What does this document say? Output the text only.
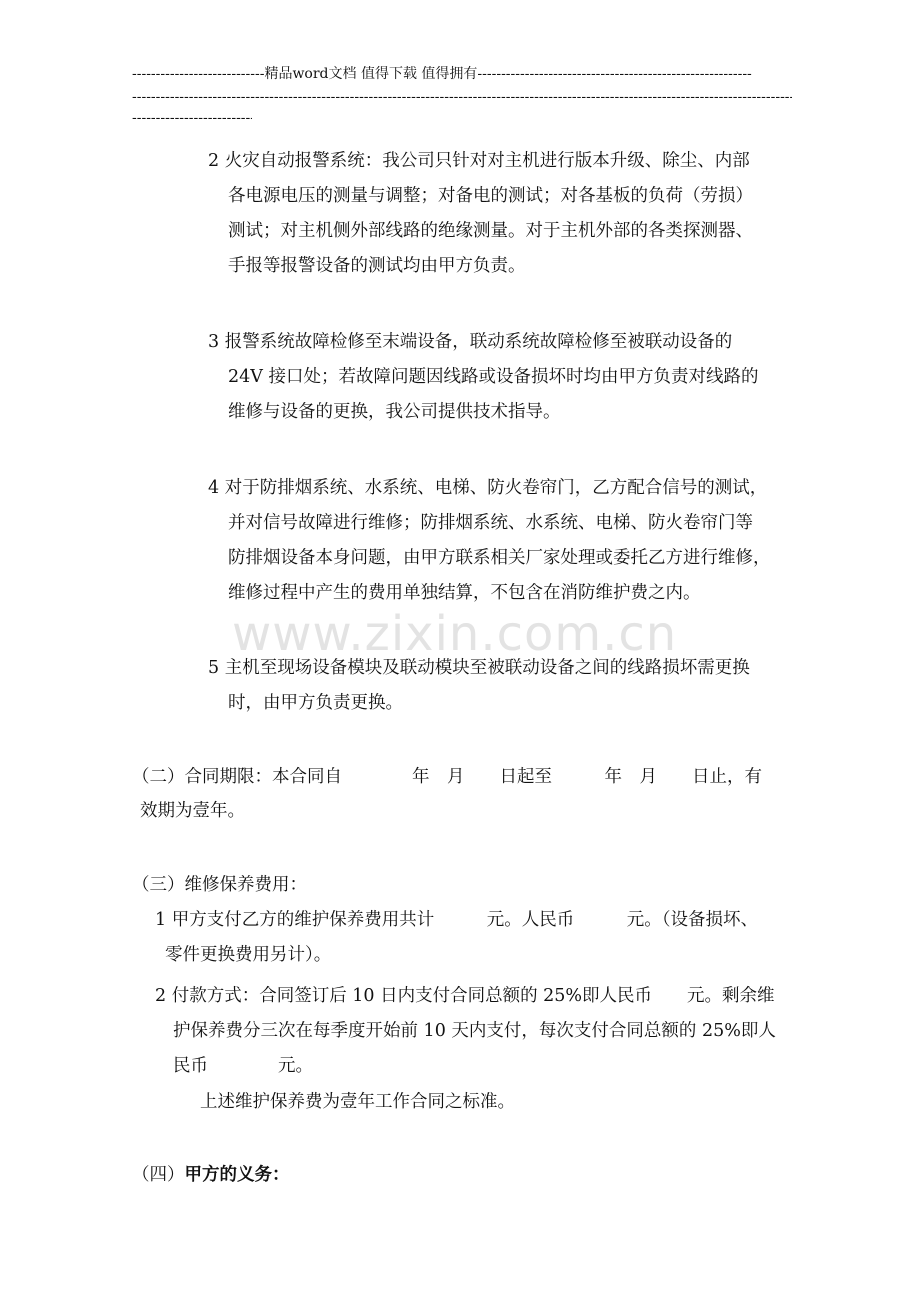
----------------------------精品word文档 值得下载 值得拥有----------------------------------------------------------
-----
-----
2 火灾自动报警系统：我公司只针对对主机进行版本升级、除尘、内部
各电源电压的测量与调整；对备电的测试；对各基板的负荷（劳损）
测试；对主机侧外部线路的绝缘测量。对于主机外部的各类探测器、
手报等报警设备的测试均由甲方负责。
3 报警系统故障检修至末端设备，联动系统故障检修至被联动设备的
24V 接口处；若故障问题因线路或设备损坏时均由甲方负责对线路的
维修与设备的更换，我公司提供技术指导。
4 对于防排烟系统、水系统、电梯、防火卷帘门，乙方配合信号的测试，
并对信号故障进行维修；防排烟系统、水系统、电梯、防火卷帘门等
防排烟设备本身问题，由甲方联系相关厂家处理或委托乙方进行维修，
维修过程中产生的费用单独结算，不包含在消防维护费之内。
www.zixin.com.cn
5 主机至现场设备模块及联动模块至被联动设备之间的线路损坏需更换
时，由甲方负责更换。
（二）合同期限：本合同自　　　　年　月　　日起至　　　年　月　　日止，有
效期为壹年。
（三）维修保养费用：
1 甲方支付乙方的维护保养费用共计　　　元。人民币　　　元。（设备损坏、
零件更换费用另计）。
2 付款方式：合同签订后 10 日内支付合同总额的 25%即人民币　　元。剩余维
护保养费分三次在每季度开始前 10 天内支付，每次支付合同总额的 25%即人
民币　　　　元。
上述维护保养费为壹年工作合同之标准。
（四）甲方的义务：
